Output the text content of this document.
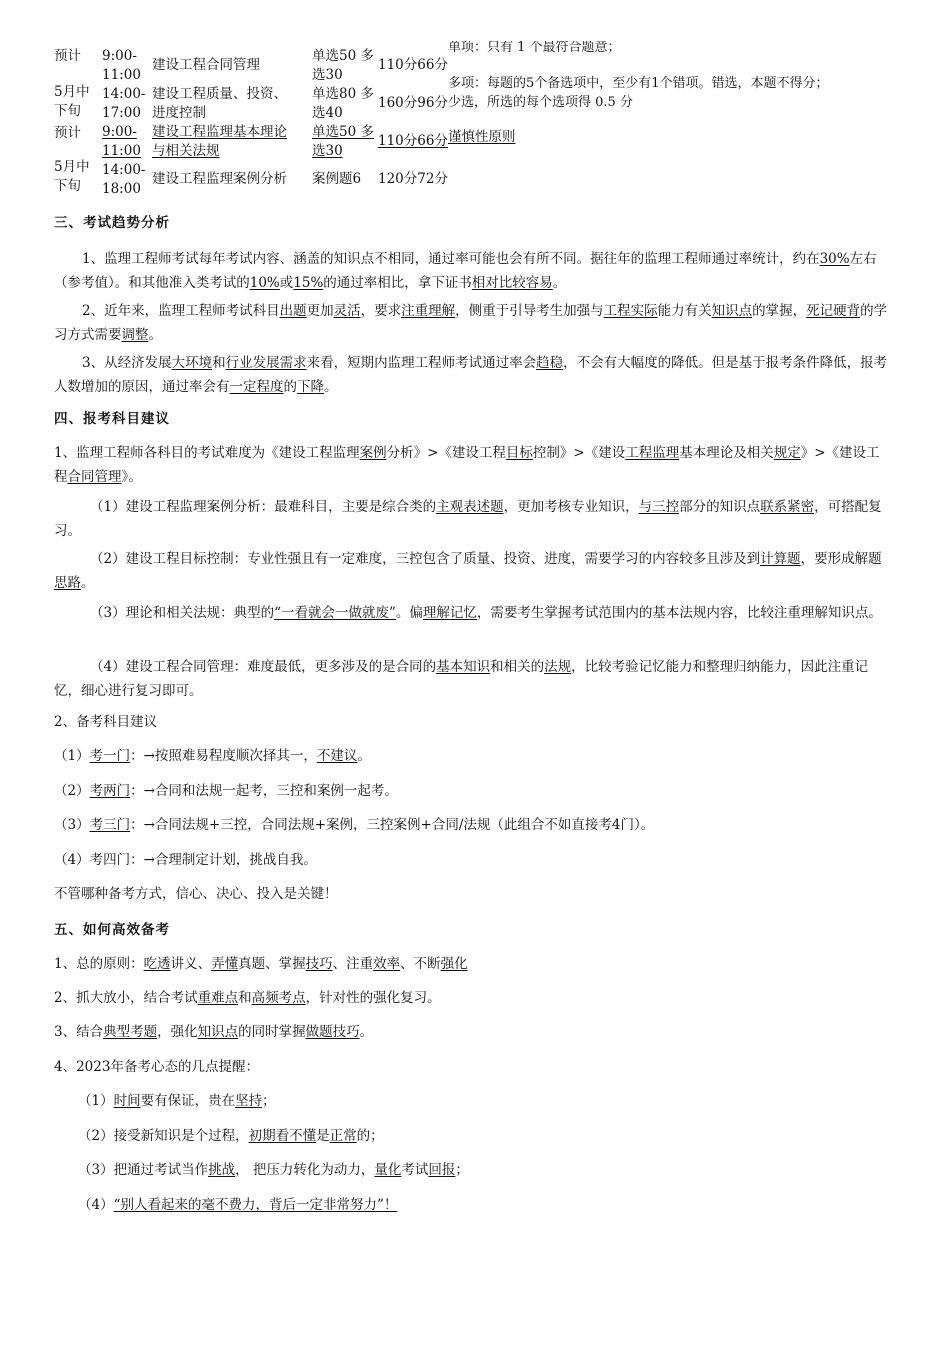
预计 9:00-
11:00
建设工程合同管理
单选50 多
选30
110分66分
5月中
下旬
14:00-
17:00
建设工程质量、投资、
进度控制
单选80 多
选40
160分96分
预计 9:00-
11:00
建设工程监理基本理论
与相关法规
单选50 多
选30
110分66分 谨慎性原则
5月中
下旬
14:00-
18:00
建设工程监理案例分析 案例题6 120分72分
单项：只有 1 个最符合题意；
多项：每题的5个备选项中，至少有1个错项。错选，本题不得分；
少选，所选的每个选项得 0.5 分
三、考试趋势分析
1、监理工程师考试每年考试内容、涵盖的知识点不相同，通过率可能也会有所不同。据往年的监理工程师通过率统计，约在30%左右（参考值）。和其他准入类考试的10%或15%的通过率相比，拿下证书相对比较容易。
2、近年来，监理工程师考试科目出题更加灵活，要求注重理解，侧重于引导考生加强与工程实际能力有关知识点的掌握，死记硬背的学习方式需要调整。
3、从经济发展大环境和行业发展需求来看，短期内监理工程师考试通过率会趋稳，不会有大幅度的降低。但是基于报考条件降低，报考人数增加的原因，通过率会有一定程度的下降。
四、报考科目建议
1、监理工程师各科目的考试难度为《建设工程监理案例分析》>《建设工程目标控制》>《建设工程监理基本理论及相关规定》>《建设工程合同管理》。
（1）建设工程监理案例分析：最难科目，主要是综合类的主观表述题，更加考核专业知识，与三控部分的知识点联系紧密，可搭配复习。
（2）建设工程目标控制：专业性强且有一定难度，三控包含了质量、投资、进度，需要学习的内容较多且涉及到计算题，要形成解题思路。
（3）理论和相关法规：典型的“一看就会一做就废”。偏理解记忆，需要考生掌握考试范围内的基本法规内容，比较注重理解知识点。
（4）建设工程合同管理：难度最低，更多涉及的是合同的基本知识和相关的法规，比较考验记忆能力和整理归纳能力，因此注重记忆，细心进行复习即可。
2、备考科目建议
（1）考一门：→按照难易程度顺次择其一，不建议。
（2）考两门：→合同和法规一起考，三控和案例一起考。
（3）考三门：→合同法规+三控，合同法规+案例，三控案例+合同/法规（此组合不如直接考4门）。
（4）考四门：→合理制定计划，挑战自我。
不管哪种备考方式，信心、决心、投入是关键！
五、如何高效备考
1、总的原则：吃透讲义、弄懂真题、掌握技巧、注重效率、不断强化
2、抓大放小，结合考试重难点和高频考点，针对性的强化复习。
3、结合典型考题，强化知识点的同时掌握做题技巧。
4、2023年备考心态的几点提醒：
（1）时间要有保证，贵在坚持；
（2）接受新知识是个过程，初期看不懂是正常的；
（3）把通过考试当作挑战， 把压力转化为动力，量化考试回报；
（4）“别人看起来的毫不费力，背后一定非常努力”！
